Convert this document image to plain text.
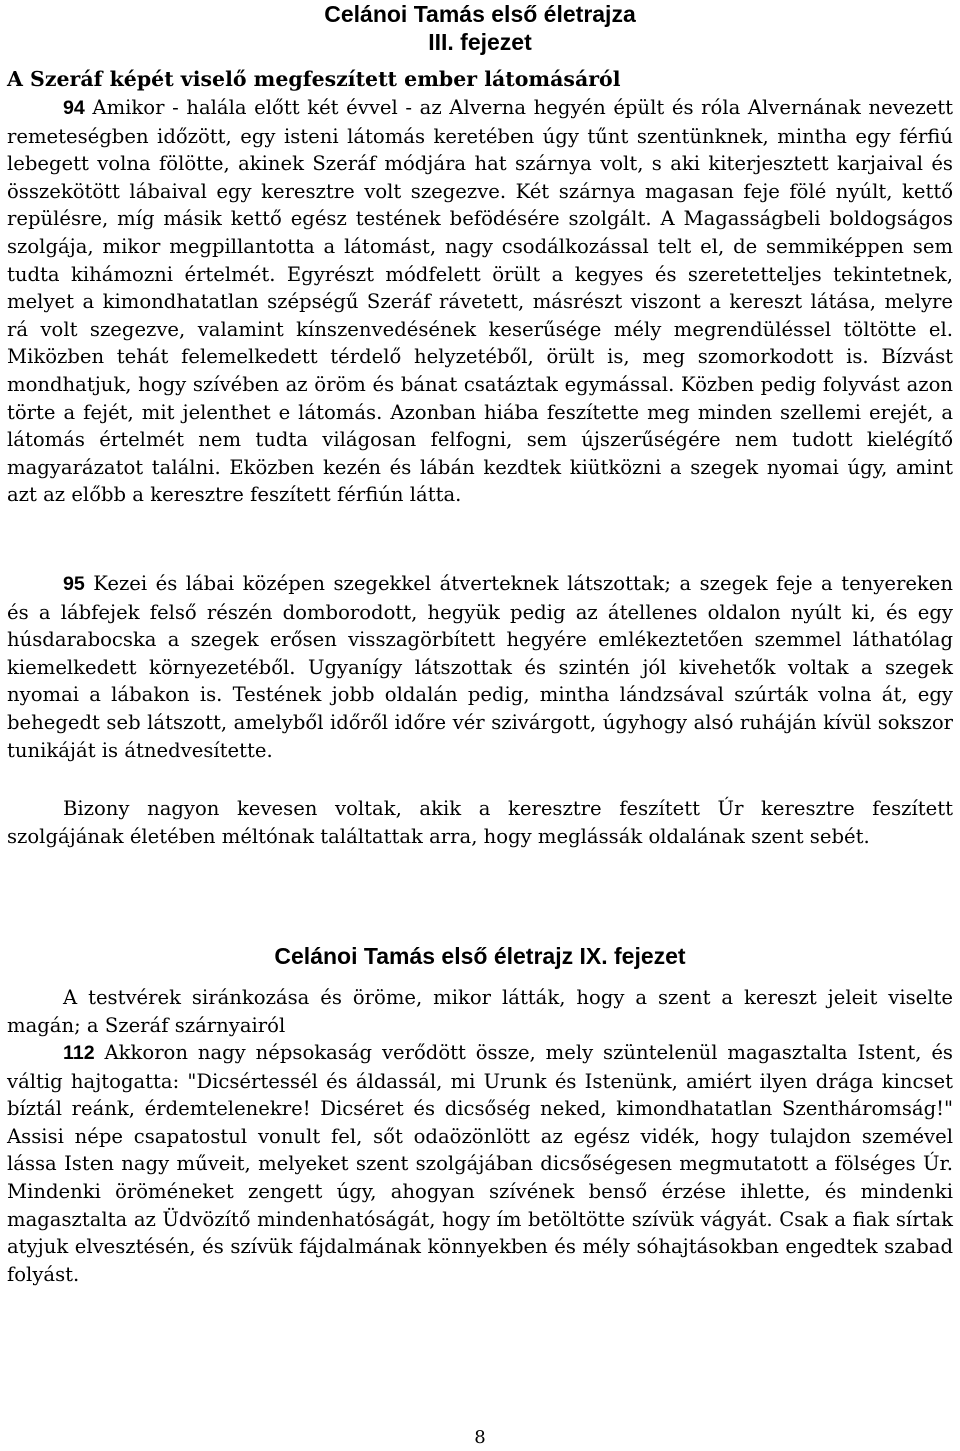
Celánoi Tamás első életrajza
III. fejezet
A Szeráf képét viselő megfeszített ember látomásáról

94 Amikor - halála előtt két évvel - az Alverna hegyén épült és róla Alvernának nevezett remeteségben időzött, egy isteni látomás keretében úgy tűnt szentünknek, mintha egy férfiú lebegett volna fölötte, akinek Szeráf módjára hat szárnya volt, s aki kiterjesztett karjaival és összekötött lábaival egy keresztre volt szegezve. Két szárnya magasan feje fölé nyúlt, kettő repülésre, míg másik kettő egész testének befödésére szolgált. A Magasságbeli boldogságos szolgája, mikor megpillantotta a látomást, nagy csodálkozással telt el, de semmiképpen sem tudta kihámozni értelmét. Egyrészt módfelett örült a kegyes és szeretetteljes tekintetnek, melyet a kimondhatatlan szépségű Szeráf rávetett, másrészt viszont a kereszt látása, melyre rá volt szegezve, valamint kínszenvedésének keserűsége mély megrendüléssel töltötte el. Miközben tehát felemelkedett térdelő helyzetéből, örült is, meg szomorkodott is. Bízvást mondhatjuk, hogy szívében az öröm és bánat csatáztak egymással. Közben pedig folyvást azon törte a fejét, mit jelenthet e látomás. Azonban hiába feszítette meg minden szellemi erejét, a látomás értelmét nem tudta világosan felfogni, sem újszerűségére nem tudott kielégítő magyarázatot találni. Eközben kezén és lábán kezdtek kiütközni a szegek nyomai úgy, amint azt az előbb a keresztre feszített férfiún látta.

95 Kezei és lábai középen szegekkel átverteknek látszottak; a szegek feje a tenyereken és a lábfejek felső részén domborodott, hegyük pedig az átellenes oldalon nyúlt ki, és egy húsdarabocska a szegek erősen visszagörbített hegyére emlékeztetően szemmel láthatólag kiemelkedett környezetéből. Ugyanígy látszottak és szintén jól kivehetők voltak a szegek nyomai a lábakon is. Testének jobb oldalán pedig, mintha lándzsával szúrták volna át, egy behegedt seb látszott, amelyből időről időre vér szivárgott, úgyhogy alsó ruháján kívül sokszor tunikáját is átnedvesítette.

Bizony nagyon kevesen voltak, akik a keresztre feszített Úr keresztre feszített szolgájának életében méltónak találtattak arra, hogy meglássák oldalának szent sebét.

Celánoi Tamás első életrajz IX. fejezet

A testvérek siránkozása és öröme, mikor látták, hogy a szent a kereszt jeleit viselte magán; a Szeráf szárnyairól

112 Akkoron nagy népsokaság verődött össze, mely szüntelenül magasztalta Istent, és váltig hajtogatta: "Dicsértessél és áldassál, mi Urunk és Istenünk, amiért ilyen drága kincset bíztál reánk, érdemtelenekre! Dicséret és dicsőség neked, kimondhatatlan Szentháromság!" Assisi népe csapatostul vonult fel, sőt odaözönlött az egész vidék, hogy tulajdon szemével lássa Isten nagy műveit, melyeket szent szolgájában dicsőségesen megmutatott a fölséges Úr. Mindenki öröméneket zengett úgy, ahogyan szívének benső érzése ihlette, és mindenki magasztalta az Üdvözítő mindenhatóságát, hogy ím betöltötte szívük vágyát. Csak a fiak sírtak atyjuk elvesztésén, és szívük fájdalmának könnyekben és mély sóhajtásokban engedtek szabad folyást.

8
